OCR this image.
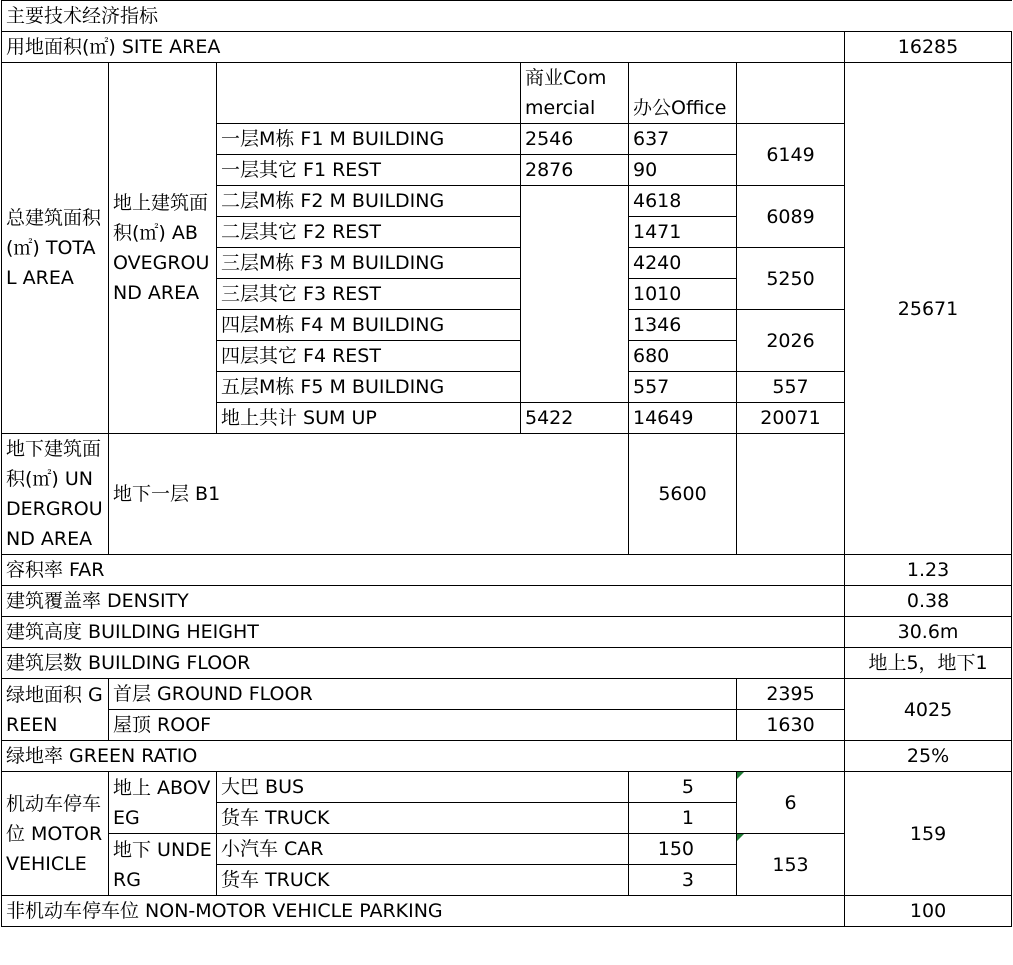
主要技术经济指标						
用地面积(㎡) SITE AREA						16285
总建筑面积(㎡) TOTAL AREA	地上建筑面积(㎡) ABOVEGROUND AREA		商业Commercial	办公Office		25671

		一层M栋 F1 M BUILDING	2546	637	6149	
		一层其它 F1 REST	2876	90		
		二层M栋 F2 M BUILDING		4618	6089	
		二层其它 F2 REST		1471		
		三层M栋 F3 M BUILDING		4240	5250	
		三层其它 F3 REST		1010		
		四层M栋 F4 M BUILDING		1346	2026	
		四层其它 F4 REST		680		
		五层M栋 F5 M BUILDING		557	557	
		地上共计 SUM UP	5422	14649	20071	
地下建筑面积(㎡) UNDERGROUND AREA	地下一层 B1			5600		

容积率 FAR						1.23
建筑覆盖率 DENSITY						0.38
建筑高度 BUILDING HEIGHT						30.6m
建筑层数 BUILDING FLOOR						地上5，地下1
绿地面积 GREEN	首层 GROUND FLOOR				2395	4025
	屋顶 ROOF				1630	
绿地率 GREEN RATIO						25%
机动车停车位 MOTOR VEHICLE	地上 ABOVEG	大巴 BUS		5	6	159
		货车 TRUCK		1		
	地下 UNDERG	小汽车 CAR		150	153	
		货车 TRUCK		3		
非机动车停车位 NON-MOTOR VEHICLE PARKING						100
